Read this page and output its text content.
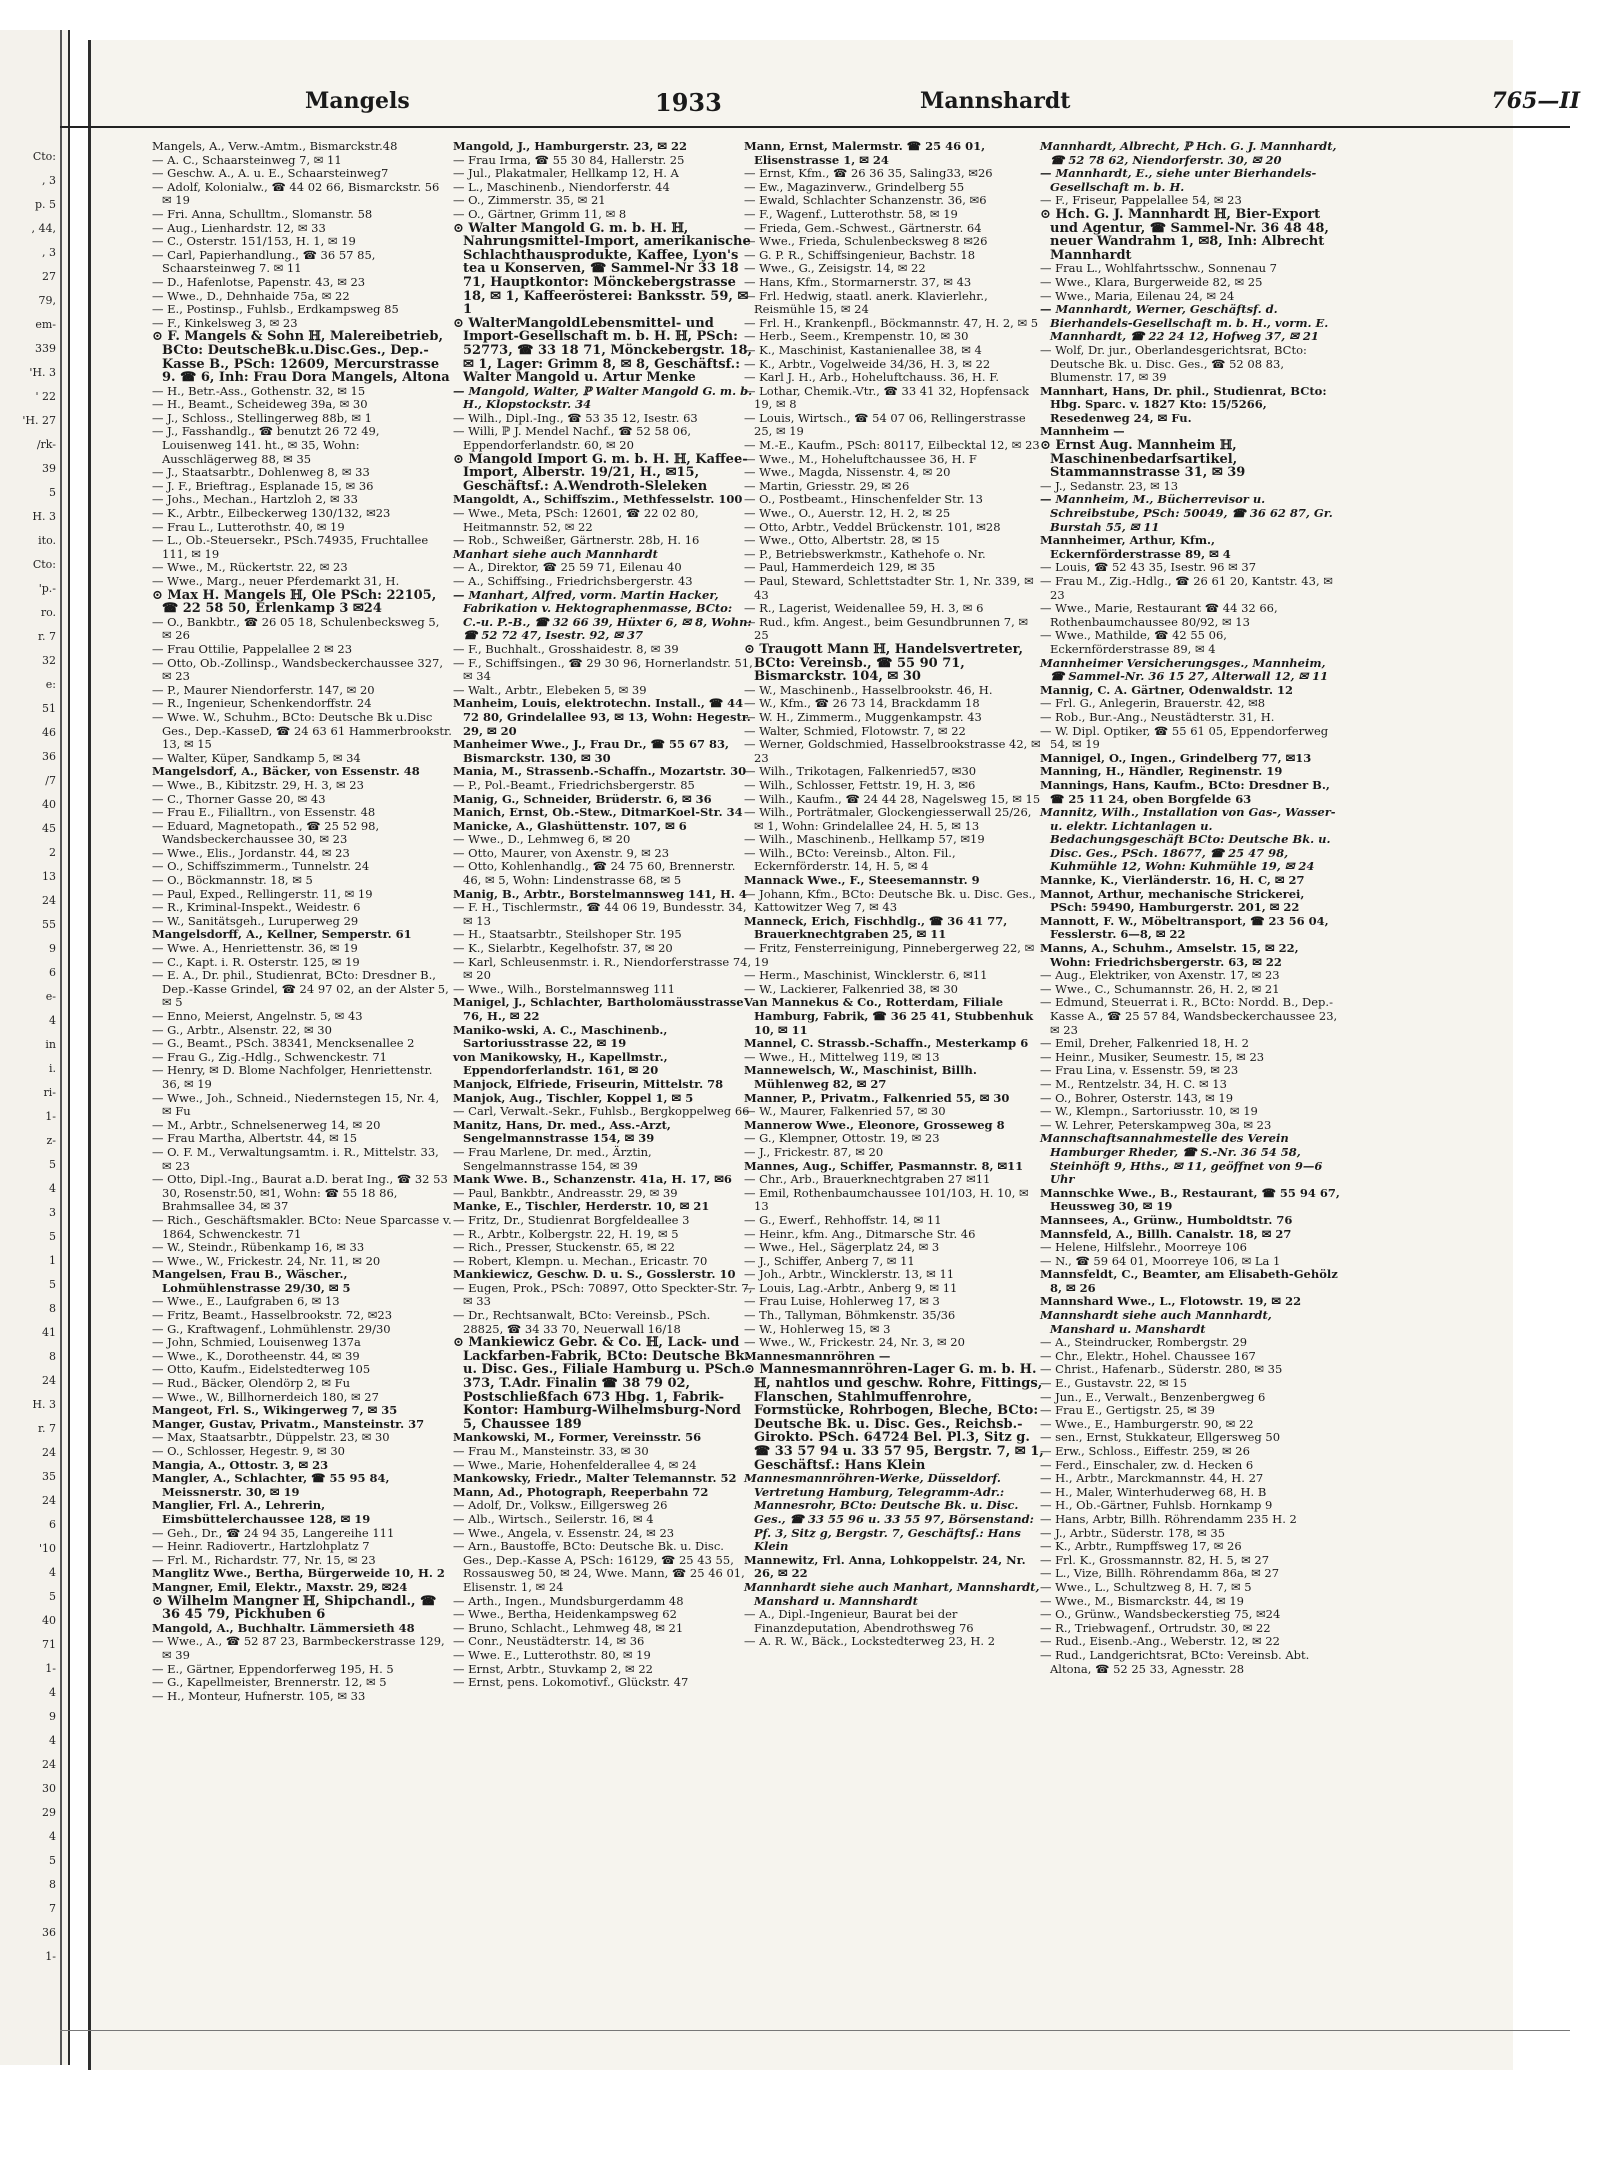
Cto:
, 3
p. 5
, 44,
, 3
27
79,
em-
339
'H. 3
' 22
'H. 27
/rk-
39
5
H. 3
ito.
Cto:
'p.-
ro.
r. 7
32
e:
51
46
36
/7
40
45
2
13
24
55
9
6
e-
4
in
i.
ri-
1-
z-
5
4
3
5
1
5
8
41
8
24
H. 3
r. 7
24
35
24
6
'10
4
5
40
71
1-
4
9
4
24
30
29
4
5
8
7
36
1-
Mangels	1933	Mannshardt	765—II

Mangels, A., Verw.-Amtm., Bismarckstr.48

— A. C., Schaarsteinweg 7, ✉ 11

— Geschw. A., A. u. E., Schaarsteinweg7

— Adolf, Kolonialw., ☎ 44 02 66, Bismarckstr. 56 ✉ 19

— Fri. Anna, Schulltm., Slomanstr. 58

— Aug., Lienhardstr. 12, ✉ 33

— C., Osterstr. 151/153, H. 1, ✉ 19

— Carl, Papierhandlung., ☎ 36 57 85, Schaarsteinweg 7. ✉ 11

— D., Hafenlotse, Papenstr. 43, ✉ 23

— Wwe., D., Dehnhaide 75a, ✉ 22

— E., Postinsp., Fuhlsb., Erdkampsweg 85

— F., Kinkelsweg 3, ✉ 23

⊙ F. Mangels & Sohn ℍ, Malereibetrieb, BCto: DeutscheBk.u.Disc.Ges., Dep.-Kasse B., PSch: 12609, Mercurstrasse 9. ☎ 6, Inh: Frau Dora Mangels, Altona

— H., Betr.-Ass., Gothenstr. 32, ✉ 15

— H., Beamt., Scheideweg 39a, ✉ 30

— J., Schloss., Stellingerweg 88b, ✉ 1

— J., Fasshandlg., ☎ benutzt 26 72 49, Louisenweg 141. ht., ✉ 35, Wohn: Ausschlägerweg 88, ✉ 35

— J., Staatsarbtr., Dohlenweg 8, ✉ 33

— J. F., Brieftrag., Esplanade 15, ✉ 36

— Johs., Mechan., Hartzloh 2, ✉ 33

— K., Arbtr., Eilbeckerweg 130/132, ✉23

— Frau L., Lutterothstr. 40, ✉ 19

— L., Ob.-Steuersekr., PSch.74935, Fruchtallee 111, ✉ 19

— Wwe., M., Rückertstr. 22, ✉ 23

— Wwe., Marg., neuer Pferdemarkt 31, H.

⊙ Max H. Mangels ℍ, Ole PSch: 22105, ☎ 22 58 50, Erlenkamp 3 ✉24

— O., Bankbtr., ☎ 26 05 18, Schulenbecksweg 5, ✉ 26

— Frau Ottilie, Pappelallee 2 ✉ 23

— Otto, Ob.-Zollinsp., Wandsbeckerchaussee 327, ✉ 23

— P., Maurer Niendorferstr. 147, ✉ 20

— R., Ingenieur, Schenkendorffstr. 24

— Wwe. W., Schuhm., BCto: Deutsche Bk u.Disc Ges., Dep.-KasseD, ☎ 24 63 61 Hammerbrookstr. 13, ✉ 15

— Walter, Küper, Sandkamp 5, ✉ 34

Mangelsdorf, A., Bäcker, von Essenstr. 48

— Wwe., B., Kibitzstr. 29, H. 3, ✉ 23

— C., Thorner Gasse 20, ✉ 43

— Frau E., Filialltrn., von Essenstr. 48

— Eduard, Magnetopath., ☎ 25 52 98, Wandsbeckerchaussee 30, ✉ 23

— Wwe., Elis., Jordanstr. 44, ✉ 23

— O., Schiffszimmerm., Tunnelstr. 24

— O., Böckmannstr. 18, ✉ 5

— Paul, Exped., Rellingerstr. 11, ✉ 19

— R., Kriminal-Inspekt., Weidestr. 6

— W., Sanitätsgeh., Luruperweg 29

Mangelsdorff, A., Kellner, Semperstr. 61

— Wwe. A., Henriettenstr. 36, ✉ 19

— C., Kapt. i. R. Osterstr. 125, ✉ 19

— E. A., Dr. phil., Studienrat, BCto: Dresdner B., Dep.-Kasse Grindel, ☎ 24 97 02, an der Alster 5, ✉ 5

— Enno, Meierst, Angelnstr. 5, ✉ 43

— G., Arbtr., Alsenstr. 22, ✉ 30

— G., Beamt., PSch. 38341, Mencksenallee 2

— Frau G., Zig.-Hdlg., Schwenckestr. 71

— Henry, ✉ D. Blome Nachfolger, Henriettenstr. 36, ✉ 19

— Wwe., Joh., Schneid., Niedernstegen 15, Nr. 4, ✉ Fu

— M., Arbtr., Schnelsenerweg 14, ✉ 20

— Frau Martha, Albertstr. 44, ✉ 15

— O. F. M., Verwaltungsamtm. i. R., Mittelstr. 33, ✉ 23

— Otto, Dipl.-Ing., Baurat a.D. berat Ing., ☎ 32 53 30, Rosenstr.50, ✉1, Wohn: ☎ 55 18 86, Brahmsallee 34, ✉ 37

— Rich., Geschäftsmakler. BCto: Neue Sparcasse v. 1864, Schwenckestr. 71

— W., Steindr., Rübenkamp 16, ✉ 33

— Wwe., W., Frickestr. 24, Nr. 11, ✉ 20

Mangelsen, Frau B., Wäscher., Lohmühlenstrasse 29/30, ✉ 5

— Wwe., E., Laufgraben 6, ✉ 13

— Fritz, Beamt., Hasselbrookstr. 72, ✉23

— G., Kraftwagenf., Lohmühlenstr. 29/30

— John, Schmied, Louisenweg 137a

— Wwe., K., Dorotheenstr. 44, ✉ 39

— Otto, Kaufm., Eidelstedterweg 105

— Rud., Bäcker, Olendörp 2, ✉ Fu

— Wwe., W., Billhornerdeich 180, ✉ 27

Mangeot, Frl. S., Wikingerweg 7, ✉ 35

Manger, Gustav, Privatm., Mansteinstr. 37

— Max, Staatsarbtr., Düppelstr. 23, ✉ 30

— O., Schlosser, Hegestr. 9, ✉ 30

Mangia, A., Ottostr. 3, ✉ 23

Mangler, A., Schlachter, ☎ 55 95 84, Meissnerstr. 30, ✉ 19

Manglier, Frl. A., Lehrerin, Eimsbüttelerchaussee 128, ✉ 19

— Geh., Dr., ☎ 24 94 35, Langereihe 111

— Heinr. Radiovertr., Hartzlohplatz 7

— Frl. M., Richardstr. 77, Nr. 15, ✉ 23

Manglitz Wwe., Bertha, Bürgerweide 10, H. 2

Mangner, Emil, Elektr., Maxstr. 29, ✉24

⊙ Wilhelm Mangner ℍ, Shipchandl., ☎ 36 45 79, Pickhuben 6

Mangold, A., Buchhaltr. Lämmersieth 48

— Wwe., A., ☎ 52 87 23, Barmbeckerstrasse 129, ✉ 39

— E., Gärtner, Eppendorferweg 195, H. 5

— G., Kapellmeister, Brennerstr. 12, ✉ 5

— H., Monteur, Hufnerstr. 105, ✉ 33

Mangold, J., Hamburgerstr. 23, ✉ 22

— Frau Irma, ☎ 55 30 84, Hallerstr. 25

— Jul., Plakatmaler, Hellkamp 12, H. A

— L., Maschinenb., Niendorferstr. 44

— O., Zimmerstr. 35, ✉ 21

— O., Gärtner, Grimm 11, ✉ 8

⊙ Walter Mangold G. m. b. H. ℍ, Nahrungsmittel-Import, amerikanische Schlachthausprodukte, Kaffee, Lyon's tea u Konserven, ☎ Sammel-Nr 33 18 71, Hauptkontor: Mönckebergstrasse 18, ✉ 1, Kaffeerösterei: Banksstr. 59, ✉ 1

⊙ WalterMangoldLebensmittel- und Import-Gesellschaft m. b. H. ℍ, PSch: 52773, ☎ 33 18 71, Mönckebergstr. 18, ✉ 1, Lager: Grimm 8, ✉ 8, Geschäftsf.: Walter Mangold u. Artur Menke

— Mangold, Walter, ℙ Walter Mangold G. m. b. H., Klopstockstr. 34

— Wilh., Dipl.-Ing., ☎ 53 35 12, Isestr. 63

— Willi, ℙ J. Mendel Nachf., ☎ 52 58 06, Eppendorferlandstr. 60, ✉ 20

⊙ Mangold Import G. m. b. H. ℍ, Kaffee-Import, Alberstr. 19/21, H., ✉15, Geschäftsf.: A.Wendroth-Sleleken

Mangoldt, A., Schiffszim., Methfesselstr. 100

— Wwe., Meta, PSch: 12601, ☎ 22 02 80, Heitmannstr. 52, ✉ 22

— Rob., Schweißer, Gärtnerstr. 28b, H. 16

Manhart siehe auch Mannhardt

— A., Direktor, ☎ 25 59 71, Eilenau 40

— A., Schiffsing., Friedrichsbergerstr. 43

— Manhart, Alfred, vorm. Martin Hacker, Fabrikation v. Hektographenmasse, BCto: C.-u. P.-B., ☎ 32 66 39, Hüxter 6, ✉ 8, Wohn: ☎ 52 72 47, Isestr. 92, ✉ 37

— F., Buchhalt., Grosshaidestr. 8, ✉ 39

— F., Schiffsingen., ☎ 29 30 96, Hornerlandstr. 51, ✉ 34

— Walt., Arbtr., Elebeken 5, ✉ 39

Manheim, Louis, elektrotechn. Install., ☎ 44 72 80, Grindelallee 93, ✉ 13, Wohn: Hegestr. 29, ✉ 20

Manheimer Wwe., J., Frau Dr., ☎ 55 67 83, Bismarckstr. 130, ✉ 30

Mania, M., Strassenb.-Schaffn., Mozartstr. 30

— P., Pol.-Beamt., Friedrichsbergerstr. 85

Manig, G., Schneider, Brüderstr. 6, ✉ 36

Manich, Ernst, Ob.-Stew., DitmarKoel-Str. 34

Manicke, A., Glashüttenstr. 107, ✉ 6

— Wwe., D., Lehmweg 6, ✉ 20

— Otto, Maurer, von Axenstr. 9, ✉ 23

— Otto, Kohlenhandlg., ☎ 24 75 60, Brennerstr. 46, ✉ 5, Wohn: Lindenstrasse 68, ✉ 5

Manig, B., Arbtr., Borstelmannsweg 141, H. 4

— F. H., Tischlermstr., ☎ 44 06 19, Bundesstr. 34, ✉ 13

— H., Staatsarbtr., Steilshoper Str. 195

— K., Sielarbtr., Kegelhofstr. 37, ✉ 20

— Karl, Schleusenmstr. i. R., Niendorferstrasse 74, ✉ 20

— Wwe., Wilh., Borstelmannsweg 111

Manigel, J., Schlachter, Bartholomäusstrasse 76, H., ✉ 22

Maniko-wski, A. C., Maschinenb., Sartoriusstrasse 22, ✉ 19

von Manikowsky, H., Kapellmstr., Eppendorferlandstr. 161, ✉ 20

Manjock, Elfriede, Friseurin, Mittelstr. 78

Manjok, Aug., Tischler, Koppel 1, ✉ 5

— Carl, Verwalt.-Sekr., Fuhlsb., Bergkoppelweg 66

Manitz, Hans, Dr. med., Ass.-Arzt, Sengelmannstrasse 154, ✉ 39

— Frau Marlene, Dr. med., Ärztin, Sengelmannstrasse 154, ✉ 39

Mank Wwe. B., Schanzenstr. 41a, H. 17, ✉6

— Paul, Bankbtr., Andreasstr. 29, ✉ 39

Manke, E., Tischler, Herderstr. 10, ✉ 21

— Fritz, Dr., Studienrat Borgfeldeallee 3

— R., Arbtr., Kolbergstr. 22, H. 19, ✉ 5

— Rich., Presser, Stuckenstr. 65, ✉ 22

— Robert, Klempn. u. Mechan., Ericastr. 70

Mankiewicz, Geschw. D. u. S., Gosslerstr. 10

— Eugen, Prok., PSch: 70897, Otto Speckter-Str. 7, ✉ 33

— Dr., Rechtsanwalt, BCto: Vereinsb., PSch. 28825, ☎ 34 33 70, Neuerwall 16/18

⊙ Mankiewicz Gebr. & Co. ℍ, Lack- und Lackfarben-Fabrik, BCto: Deutsche Bk. u. Disc. Ges., Filiale Hamburg u. PSch. 373, T.Adr. Finalin ☎ 38 79 02, Postschließfach 673 Hbg. 1, Fabrik-Kontor: Hamburg-Wilhelmsburg-Nord 5, Chaussee 189

Mankowski, M., Former, Vereinsstr. 56

— Frau M., Mansteinstr. 33, ✉ 30

— Wwe., Marie, Hohenfelderallee 4, ✉ 24

Mankowsky, Friedr., Malter Telemannstr. 52

Mann, Ad., Photograph, Reeperbahn 72

— Adolf, Dr., Volksw., Eillgersweg 26

— Alb., Wirtsch., Seilerstr. 16, ✉ 4

— Wwe., Angela, v. Essenstr. 24, ✉ 23

— Arn., Baustoffe, BCto: Deutsche Bk. u. Disc. Ges., Dep.-Kasse A, PSch: 16129, ☎ 25 43 55, Rossausweg 50, ✉ 24, Wwe. Mann, ☎ 25 46 01, Elisenstr. 1, ✉ 24

— Arth., Ingen., Mundsburgerdamm 48

— Wwe., Bertha, Heidenkampsweg 62

— Bruno, Schlacht., Lehmweg 48, ✉ 21

— Conr., Neustädterstr. 14, ✉ 36

— Wwe. E., Lutterothstr. 80, ✉ 19

— Ernst, Arbtr., Stuvkamp 2, ✉ 22

— Ernst, pens. Lokomotivf., Glückstr. 47

Mann, Ernst, Malermstr. ☎ 25 46 01, Elisenstrasse 1, ✉ 24

— Ernst, Kfm., ☎ 26 36 35, Saling33, ✉26

— Ew., Magazinverw., Grindelberg 55

— Ewald, Schlachter Schanzenstr. 36, ✉6

— F., Wagenf., Lutterothstr. 58, ✉ 19

— Frieda, Gem.-Schwest., Gärtnerstr. 64

— Wwe., Frieda, Schulenbecksweg 8 ✉26

— G. P. R., Schiffsingenieur, Bachstr. 18

— Wwe., G., Zeisigstr. 14, ✉ 22

— Hans, Kfm., Stormarnerstr. 37, ✉ 43

— Frl. Hedwig, staatl. anerk. Klavierlehr., Reismühle 15, ✉ 24

— Frl. H., Krankenpfl., Böckmannstr. 47, H. 2, ✉ 5

— Herb., Seem., Krempenstr. 10, ✉ 30

— K., Maschinist, Kastanienallee 38, ✉ 4

— K., Arbtr., Vogelweide 34/36, H. 3, ✉ 22

— Karl J. H., Arb., Hoheluftchauss. 36, H. F.

— Lothar, Chemik.-Vtr., ☎ 33 41 32, Hopfensack 19, ✉ 8

— Louis, Wirtsch., ☎ 54 07 06, Rellingerstrasse 25, ✉ 19

— M.-E., Kaufm., PSch: 80117, Eilbecktal 12, ✉ 23

— Wwe., M., Hoheluftchaussee 36, H. F

— Wwe., Magda, Nissenstr. 4, ✉ 20

— Martin, Griesstr. 29, ✉ 26

— O., Postbeamt., Hinschenfelder Str. 13

— Wwe., O., Auerstr. 12, H. 2, ✉ 25

— Otto, Arbtr., Veddel Brückenstr. 101, ✉28

— Wwe., Otto, Albertstr. 28, ✉ 15

— P., Betriebswerkmstr., Kathehofe o. Nr.

— Paul, Hammerdeich 129, ✉ 35

— Paul, Steward, Schlettstadter Str. 1, Nr. 339, ✉ 43

— R., Lagerist, Weidenallee 59, H. 3, ✉ 6

— Rud., kfm. Angest., beim Gesundbrunnen 7, ✉ 25

⊙ Traugott Mann ℍ, Handelsvertreter, BCto: Vereinsb., ☎ 55 90 71, Bismarckstr. 104, ✉ 30

— W., Maschinenb., Hasselbrookstr. 46, H.

— W., Kfm., ☎ 26 73 14, Brackdamm 18

— W. H., Zimmerm., Muggenkampstr. 43

— Walter, Schmied, Flotowstr. 7, ✉ 22

— Werner, Goldschmied, Hasselbrookstrasse 42, ✉ 23

— Wilh., Trikotagen, Falkenried57, ✉30

— Wilh., Schlosser, Fettstr. 19, H. 3, ✉6

— Wilh., Kaufm., ☎ 24 44 28, Nagelsweg 15, ✉ 15

— Wilh., Porträtmaler, Glockengiesserwall 25/26, ✉ 1, Wohn: Grindelallee 24, H. 5, ✉ 13

— Wilh., Maschinenb., Hellkamp 57, ✉19

— Wilh., BCto: Vereinsb., Alton. Fil., Eckernförderstr. 14, H. 5, ✉ 4

Mannack Wwe., F., Steesemannstr. 9

— Johann, Kfm., BCto: Deutsche Bk. u. Disc. Ges., Kattowitzer Weg 7, ✉ 43

Manneck, Erich, Fischhdlg., ☎ 36 41 77, Brauerknechtgraben 25, ✉ 11

— Fritz, Fensterreinigung, Pinnebergerweg 22, ✉ 19

— Herm., Maschinist, Wincklerstr. 6, ✉11

— W., Lackierer, Falkenried 38, ✉ 30

Van Mannekus & Co., Rotterdam, Filiale Hamburg, Fabrik, ☎ 36 25 41, Stubbenhuk 10, ✉ 11

Mannel, C. Strassb.-Schaffn., Mesterkamp 6

— Wwe., H., Mittelweg 119, ✉ 13

Mannewelsch, W., Maschinist, Billh. Mühlenweg 82, ✉ 27

Manner, P., Privatm., Falkenried 55, ✉ 30

— W., Maurer, Falkenried 57, ✉ 30

Mannerow Wwe., Eleonore, Grosseweg 8

— G., Klempner, Ottostr. 19, ✉ 23

— J., Frickestr. 87, ✉ 20

Mannes, Aug., Schiffer, Pasmannstr. 8, ✉11

— Chr., Arb., Brauerknechtgraben 27 ✉11

— Emil, Rothenbaumchaussee 101/103, H. 10, ✉ 13

— G., Ewerf., Rehhoffstr. 14, ✉ 11

— Heinr., kfm. Ang., Ditmarsche Str. 46

— Wwe., Hel., Sägerplatz 24, ✉ 3

— J., Schiffer, Anberg 7, ✉ 11

— Joh., Arbtr., Wincklerstr. 13, ✉ 11

— Louis, Lag.-Arbtr., Anberg 9, ✉ 11

— Frau Luise, Hohlerweg 17, ✉ 3

— Th., Tallyman, Böhmkenstr. 35/36

— W., Hohlerweg 15, ✉ 3

— Wwe., W., Frickestr. 24, Nr. 3, ✉ 20

Mannesmannröhren —

⊙ Mannesmannröhren-Lager G. m. b. H. ℍ, nahtlos und geschw. Rohre, Fittings, Flanschen, Stahlmuffenrohre, Formstücke, Rohrbogen, Bleche, BCto: Deutsche Bk. u. Disc. Ges., Reichsb.-Girokto. PSch. 64724 Bel. Pl.3, Sitz g. ☎ 33 57 94 u. 33 57 95, Bergstr. 7, ✉ 1, Geschäftsf.: Hans Klein

Mannesmannröhren-Werke, Düsseldorf. Vertretung Hamburg, Telegramm-Adr.: Mannesrohr, BCto: Deutsche Bk. u. Disc. Ges., ☎ 33 55 96 u. 33 55 97, Börsenstand: Pf. 3, Sitz g, Bergstr. 7, Geschäftsf.: Hans Klein

Mannewitz, Frl. Anna, Lohkoppelstr. 24, Nr. 26, ✉ 22

Mannhardt siehe auch Manhart, Mannshardt, Manshard u. Mannshardt

— A., Dipl.-Ingenieur, Baurat bei der Finanzdeputation, Abendrothsweg 76

— A. R. W., Bäck., Lockstedterweg 23, H. 2

Mannhardt, Albrecht, ℙ Hch. G. J. Mannhardt, ☎ 52 78 62, Niendorferstr. 30, ✉ 20

— Mannhardt, E., siehe unter Bierhandels-Gesellschaft m. b. H.

— F., Friseur, Pappelallee 54, ✉ 23

⊙ Hch. G. J. Mannhardt ℍ, Bier-Export und Agentur, ☎ Sammel-Nr. 36 48 48, neuer Wandrahm 1, ✉8, Inh: Albrecht Mannhardt

— Frau L., Wohlfahrtsschw., Sonnenau 7

— Wwe., Klara, Burgerweide 82, ✉ 25

— Wwe., Maria, Eilenau 24, ✉ 24

— Mannhardt, Werner, Geschäftsf. d. Bierhandels-Gesellschaft m. b. H., vorm. E. Mannhardt, ☎ 22 24 12, Hofweg 37, ✉ 21

— Wolf, Dr. jur., Oberlandesgerichtsrat, BCto: Deutsche Bk. u. Disc. Ges., ☎ 52 08 83, Blumenstr. 17, ✉ 39

Mannhart, Hans, Dr. phil., Studienrat, BCto: Hbg. Sparc. v. 1827 Kto: 15/5266, Resedenweg 24, ✉ Fu.

Mannheim —

⊙ Ernst Aug. Mannheim ℍ, Maschinenbedarfsartikel, Stammannstrasse 31, ✉ 39

— J., Sedanstr. 23, ✉ 13

— Mannheim, M., Bücherrevisor u. Schreibstube, PSch: 50049, ☎ 36 62 87, Gr. Burstah 55, ✉ 11

Mannheimer, Arthur, Kfm., Eckernförderstrasse 89, ✉ 4

— Louis, ☎ 52 43 35, Isestr. 96 ✉ 37

— Frau M., Zig.-Hdlg., ☎ 26 61 20, Kantstr. 43, ✉ 23

— Wwe., Marie, Restaurant ☎ 44 32 66, Rothenbaumchaussee 80/92, ✉ 13

— Wwe., Mathilde, ☎ 42 55 06, Eckernförderstrasse 89, ✉ 4

Mannheimer Versicherungsges., Mannheim, ☎ Sammel-Nr. 36 15 27, Alterwall 12, ✉ 11

Mannig, C. A. Gärtner, Odenwaldstr. 12

— Frl. G., Anlegerin, Brauerstr. 42, ✉8

— Rob., Bur.-Ang., Neustädterstr. 31, H.

— W. Dipl. Optiker, ☎ 55 61 05, Eppendorferweg 54, ✉ 19

Mannigel, O., Ingen., Grindelberg 77, ✉13

Manning, H., Händler, Reginenstr. 19

Mannings, Hans, Kaufm., BCto: Dresdner B., ☎ 25 11 24, oben Borgfelde 63

Mannitz, Wilh., Installation von Gas-, Wasser- u. elektr. Lichtanlagen u. Bedachungsgeschäft BCto: Deutsche Bk. u. Disc. Ges., PSch. 18677, ☎ 25 47 98, Kuhmühle 12, Wohn: Kuhmühle 19, ✉ 24

Mannke, K., Vierländerstr. 16, H. C, ✉ 27

Mannot, Arthur, mechanische Strickerei, PSch: 59490, Hamburgerstr. 201, ✉ 22

Mannott, F. W., Möbeltransport, ☎ 23 56 04, Fesslerstr. 6—8, ✉ 22

Manns, A., Schuhm., Amselstr. 15, ✉ 22, Wohn: Friedrichsbergerstr. 63, ✉ 22

— Aug., Elektriker, von Axenstr. 17, ✉ 23

— Wwe., C., Schumannstr. 26, H. 2, ✉ 21

— Edmund, Steuerrat i. R., BCto: Nordd. B., Dep.-Kasse A., ☎ 25 57 84, Wandsbeckerchaussee 23, ✉ 23

— Emil, Dreher, Falkenried 18, H. 2

— Heinr., Musiker, Seumestr. 15, ✉ 23

— Frau Lina, v. Essenstr. 59, ✉ 23

— M., Rentzelstr. 34, H. C. ✉ 13

— O., Bohrer, Osterstr. 143, ✉ 19

— W., Klempn., Sartoriusstr. 10, ✉ 19

— W. Lehrer, Peterskampweg 30a, ✉ 23

Mannschaftsannahmestelle des Verein Hamburger Rheder, ☎ S.-Nr. 36 54 58, Steinhöft 9, Hths., ✉ 11, geöffnet von 9—6 Uhr

Mannschke Wwe., B., Restaurant, ☎ 55 94 67, Heussweg 30, ✉ 19

Mannsees, A., Grünw., Humboldtstr. 76

Mannsfeld, A., Billh. Canalstr. 18, ✉ 27

— Helene, Hilfslehr., Moorreye 106

— N., ☎ 59 64 01, Moorreye 106, ✉ La 1

Mannsfeldt, C., Beamter, am Elisabeth-Gehölz 8, ✉ 26

Mannshard Wwe., L., Flotowstr. 19, ✉ 22

Mannshardt siehe auch Mannhardt, Manshard u. Manshardt

— A., Steindrucker, Rombergstr. 29

— Chr., Elektr., Hohel. Chaussee 167

— Christ., Hafenarb., Süderstr. 280, ✉ 35

— E., Gustavstr. 22, ✉ 15

— Jun., E., Verwalt., Benzenbergweg 6

— Frau E., Gertigstr. 25, ✉ 39

— Wwe., E., Hamburgerstr. 90, ✉ 22

— sen., Ernst, Stukkateur, Ellgersweg 50

— Erw., Schloss., Eiffestr. 259, ✉ 26

— Ferd., Einschaler, zw. d. Hecken 6

— H., Arbtr., Marckmannstr. 44, H. 27

— H., Maler, Winterhuderweg 68, H. B

— H., Ob.-Gärtner, Fuhlsb. Hornkamp 9

— Hans, Arbtr, Billh. Röhrendamm 235 H. 2

— J., Arbtr., Süderstr. 178, ✉ 35

— K., Arbtr., Rumpffsweg 17, ✉ 26

— Frl. K., Grossmannstr. 82, H. 5, ✉ 27

— L., Vize, Billh. Röhrendamm 86a, ✉ 27

— Wwe., L., Schultzweg 8, H. 7, ✉ 5

— Wwe., M., Bismarckstr. 44, ✉ 19

— O., Grünw., Wandsbeckerstieg 75, ✉24

— R., Triebwagenf., Ortrudstr. 30, ✉ 22

— Rud., Eisenb.-Ang., Weberstr. 12, ✉ 22

— Rud., Landgerichtsrat, BCto: Vereinsb. Abt. Altona, ☎ 52 25 33, Agnesstr. 28
